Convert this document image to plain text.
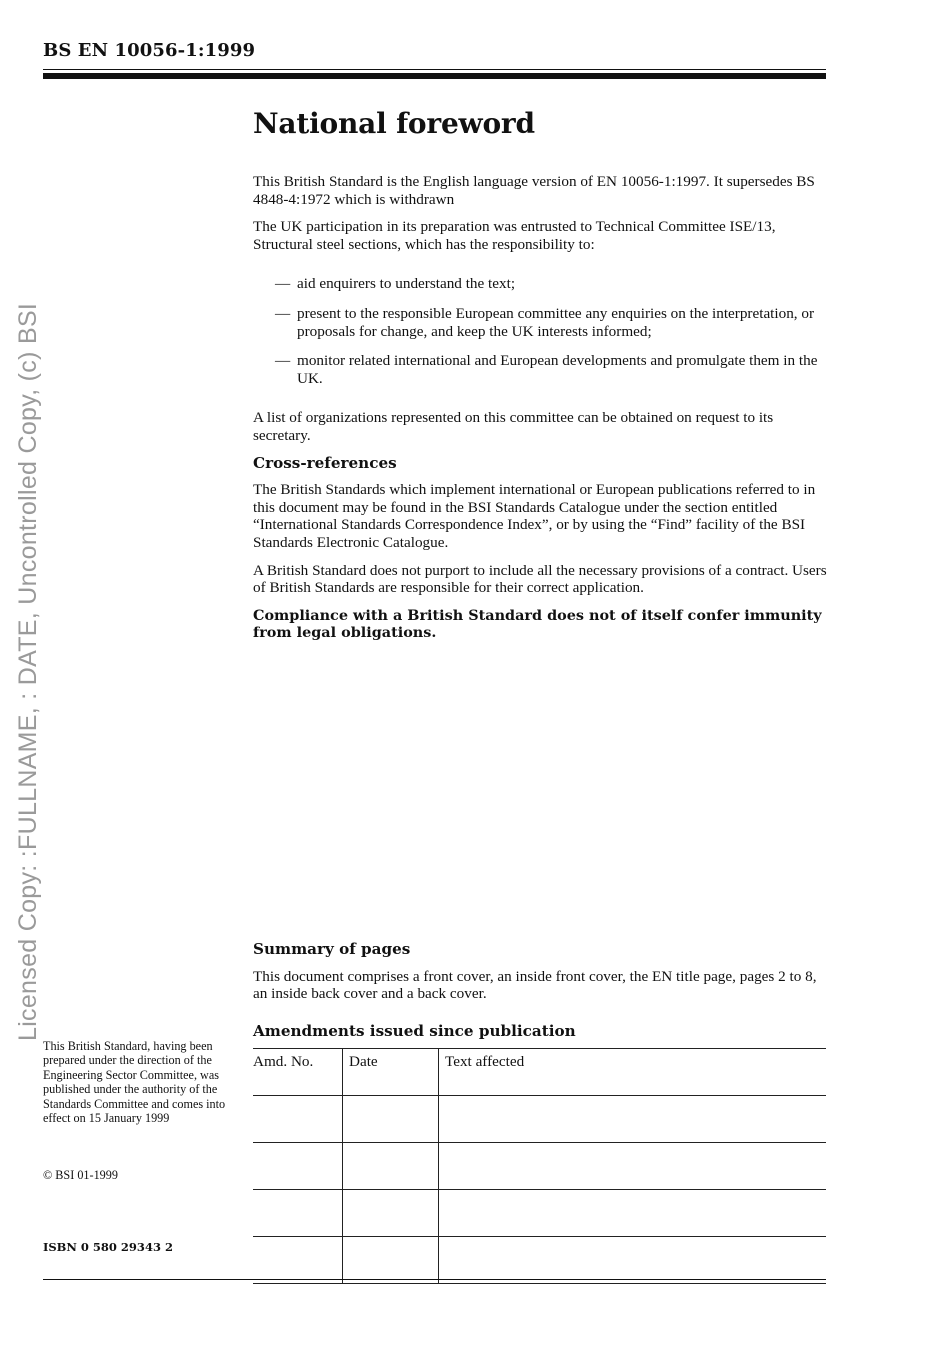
BS EN 10056-1:1999
Licensed Copy: :FULLNAME, : DATE, Uncontrolled Copy, (c) BSI
National foreword

This British Standard is the English language version of EN 10056-1:1997. It supersedes BS 4848-4:1972 which is withdrawn

The UK participation in its preparation was entrusted to Technical Committee ISE/13, Structural steel sections, which has the responsibility to:

— aid enquirers to understand the text;
— present to the responsible European committee any enquiries on the interpretation, or proposals for change, and keep the UK interests informed;
— monitor related international and European developments and promulgate them in the UK.

A list of organizations represented on this committee can be obtained on request to its secretary.

Cross-references

The British Standards which implement international or European publications referred to in this document may be found in the BSI Standards Catalogue under the section entitled “International Standards Correspondence Index”, or by using the “Find” facility of the BSI Standards Electronic Catalogue.

A British Standard does not purport to include all the necessary provisions of a contract. Users of British Standards are responsible for their correct application.

Compliance with a British Standard does not of itself confer immunity from legal obligations.

Summary of pages

This document comprises a front cover, an inside front cover, the EN title page, pages 2 to 8, an inside back cover and a back cover.

Amendments issued since publication
Amd. No.	Date	Text affected

This British Standard, having been prepared under the direction of the Engineering Sector Committee, was published under the authority of the Standards Committee and comes into effect on 15 January 1999
© BSI 01-1999
ISBN 0 580 29343 2
